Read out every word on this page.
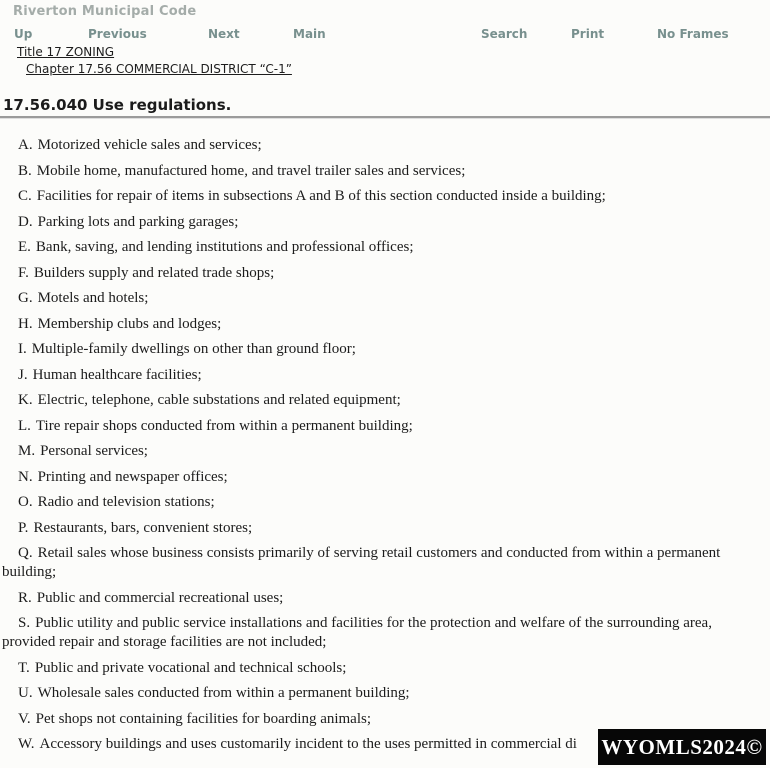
Riverton Municipal Code
Up	Previous	Next	Main	Search	Print	No Frames
Title 17 ZONING
Chapter 17.56 COMMERCIAL DISTRICT “C-1”
17.56.040 Use regulations.

A. Motorized vehicle sales and services;

B. Mobile home, manufactured home, and travel trailer sales and services;

C. Facilities for repair of items in subsections A and B of this section conducted inside a building;

D. Parking lots and parking garages;

E. Bank, saving, and lending institutions and professional offices;

F. Builders supply and related trade shops;

G. Motels and hotels;

H. Membership clubs and lodges;

I. Multiple-family dwellings on other than ground floor;

J. Human healthcare facilities;

K. Electric, telephone, cable substations and related equipment;

L. Tire repair shops conducted from within a permanent building;

M. Personal services;

N. Printing and newspaper offices;

O. Radio and television stations;

P. Restaurants, bars, convenient stores;

Q. Retail sales whose business consists primarily of serving retail customers and conducted from within a permanent building;

R. Public and commercial recreational uses;

S. Public utility and public service installations and facilities for the protection and welfare of the surrounding area, provided repair and storage facilities are not included;

T. Public and private vocational and technical schools;

U. Wholesale sales conducted from within a permanent building;

V. Pet shops not containing facilities for boarding animals;

W. Accessory buildings and uses customarily incident to the uses permitted in commercial di	WYOMLS2024©
